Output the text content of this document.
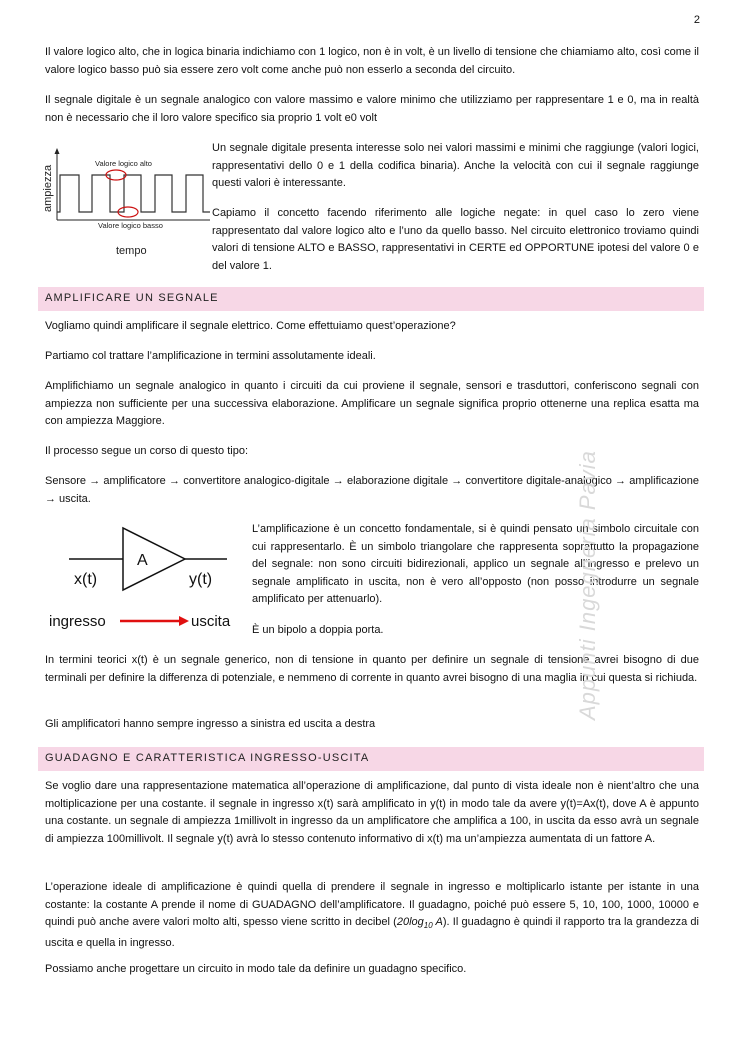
2

Il valore logico alto, che in logica binaria indichiamo con 1 logico, non è in volt, è un livello di tensione che chiamiamo alto, così come il valore logico basso può sia essere zero volt come anche può non esserlo a seconda del circuito.

Il segnale digitale è un segnale analogico con valore massimo e valore minimo che utilizziamo per rappresentare 1 e 0, ma in realtà non è necessario che il loro valore specifico sia proprio 1 volt e0 volt

Valore logico alto
Valore logico basso
ampiezza
tempo

Un segnale digitale presenta interesse solo nei valori massimi e minimi che raggiunge (valori logici, rappresentativi dello 0 e 1 della codifica binaria). Anche la velocità con cui il segnale raggiunge questi valori è interessante.

Capiamo il concetto facendo riferimento alle logiche negate: in quel caso lo zero viene rappresentato dal valore logico alto e l’uno da quello basso. Nel circuito elettronico troviamo quindi valori di tensione ALTO e BASSO, rappresentativi in CERTE ed OPPORTUNE ipotesi del valore 0 e del valore 1.

AMPLIFICARE UN SEGNALE

Vogliamo quindi amplificare il segnale elettrico. Come effettuiamo quest’operazione?

Partiamo col trattare l’amplificazione in termini assolutamente ideali.

Amplifichiamo un segnale analogico in quanto i circuiti da cui proviene il segnale, sensori e trasduttori, conferiscono segnali con ampiezza non sufficiente per una successiva elaborazione. Amplificare un segnale significa proprio ottenerne una replica esatta ma con ampiezza Maggiore.

Il processo segue un corso di questo tipo:

Sensore → amplificatore → convertitore analogico-digitale → elaborazione digitale → convertitore digitale-analogico → amplificazione → uscita.

A
x(t)	y(t)
ingresso	uscita

L’amplificazione è un concetto fondamentale, si è quindi pensato un simbolo circuitale con cui rappresentarlo. È un simbolo triangolare che rappresenta soprattutto la propagazione del segnale: non sono circuiti bidirezionali, applico un segnale all’ingresso e prelevo un segnale amplificato in uscita, non è vero all’opposto (non posso introdurre un segnale amplificato per attenuarlo).

È un bipolo a doppia porta.

In termini teorici x(t) è un segnale generico, non di tensione in quanto per definire un segnale di tensione avrei bisogno di due terminali per definire la differenza di potenziale, e nemmeno di corrente in quanto avrei bisogno di una maglia in cui questa si richiuda.

Gli amplificatori hanno sempre ingresso a sinistra ed uscita a destra

GUADAGNO E CARATTERISTICA INGRESSO-USCITA

Se voglio dare una rappresentazione matematica all’operazione di amplificazione, dal punto di vista ideale non è nient’altro che una moltiplicazione per una costante. il segnale in ingresso x(t) sarà amplificato in y(t) in modo tale da avere y(t)=Ax(t), dove A è appunto una costante. un segnale di ampiezza 1millivolt in ingresso da un amplificatore che amplifica a 100, in uscita da esso avrà un segnale di ampiezza 100millivolt. Il segnale y(t) avrà lo stesso contenuto informativo di x(t) ma un’ampiezza aumentata di un fattore A.

L’operazione ideale di amplificazione è quindi quella di prendere il segnale in ingresso e moltiplicarlo istante per istante in una costante: la costante A prende il nome di GUADAGNO dell’amplificatore. Il guadagno, poiché può essere 5, 10, 100, 1000, 10000 e quindi può anche avere valori molto alti, spesso viene scritto in decibel ($20\log_{10}$ A). Il guadagno è quindi il rapporto tra la grandezza di uscita e quella in ingresso.

Possiamo anche progettare un circuito in modo tale da definire un guadagno specifico.

Appunti Ingegneria Pavia
